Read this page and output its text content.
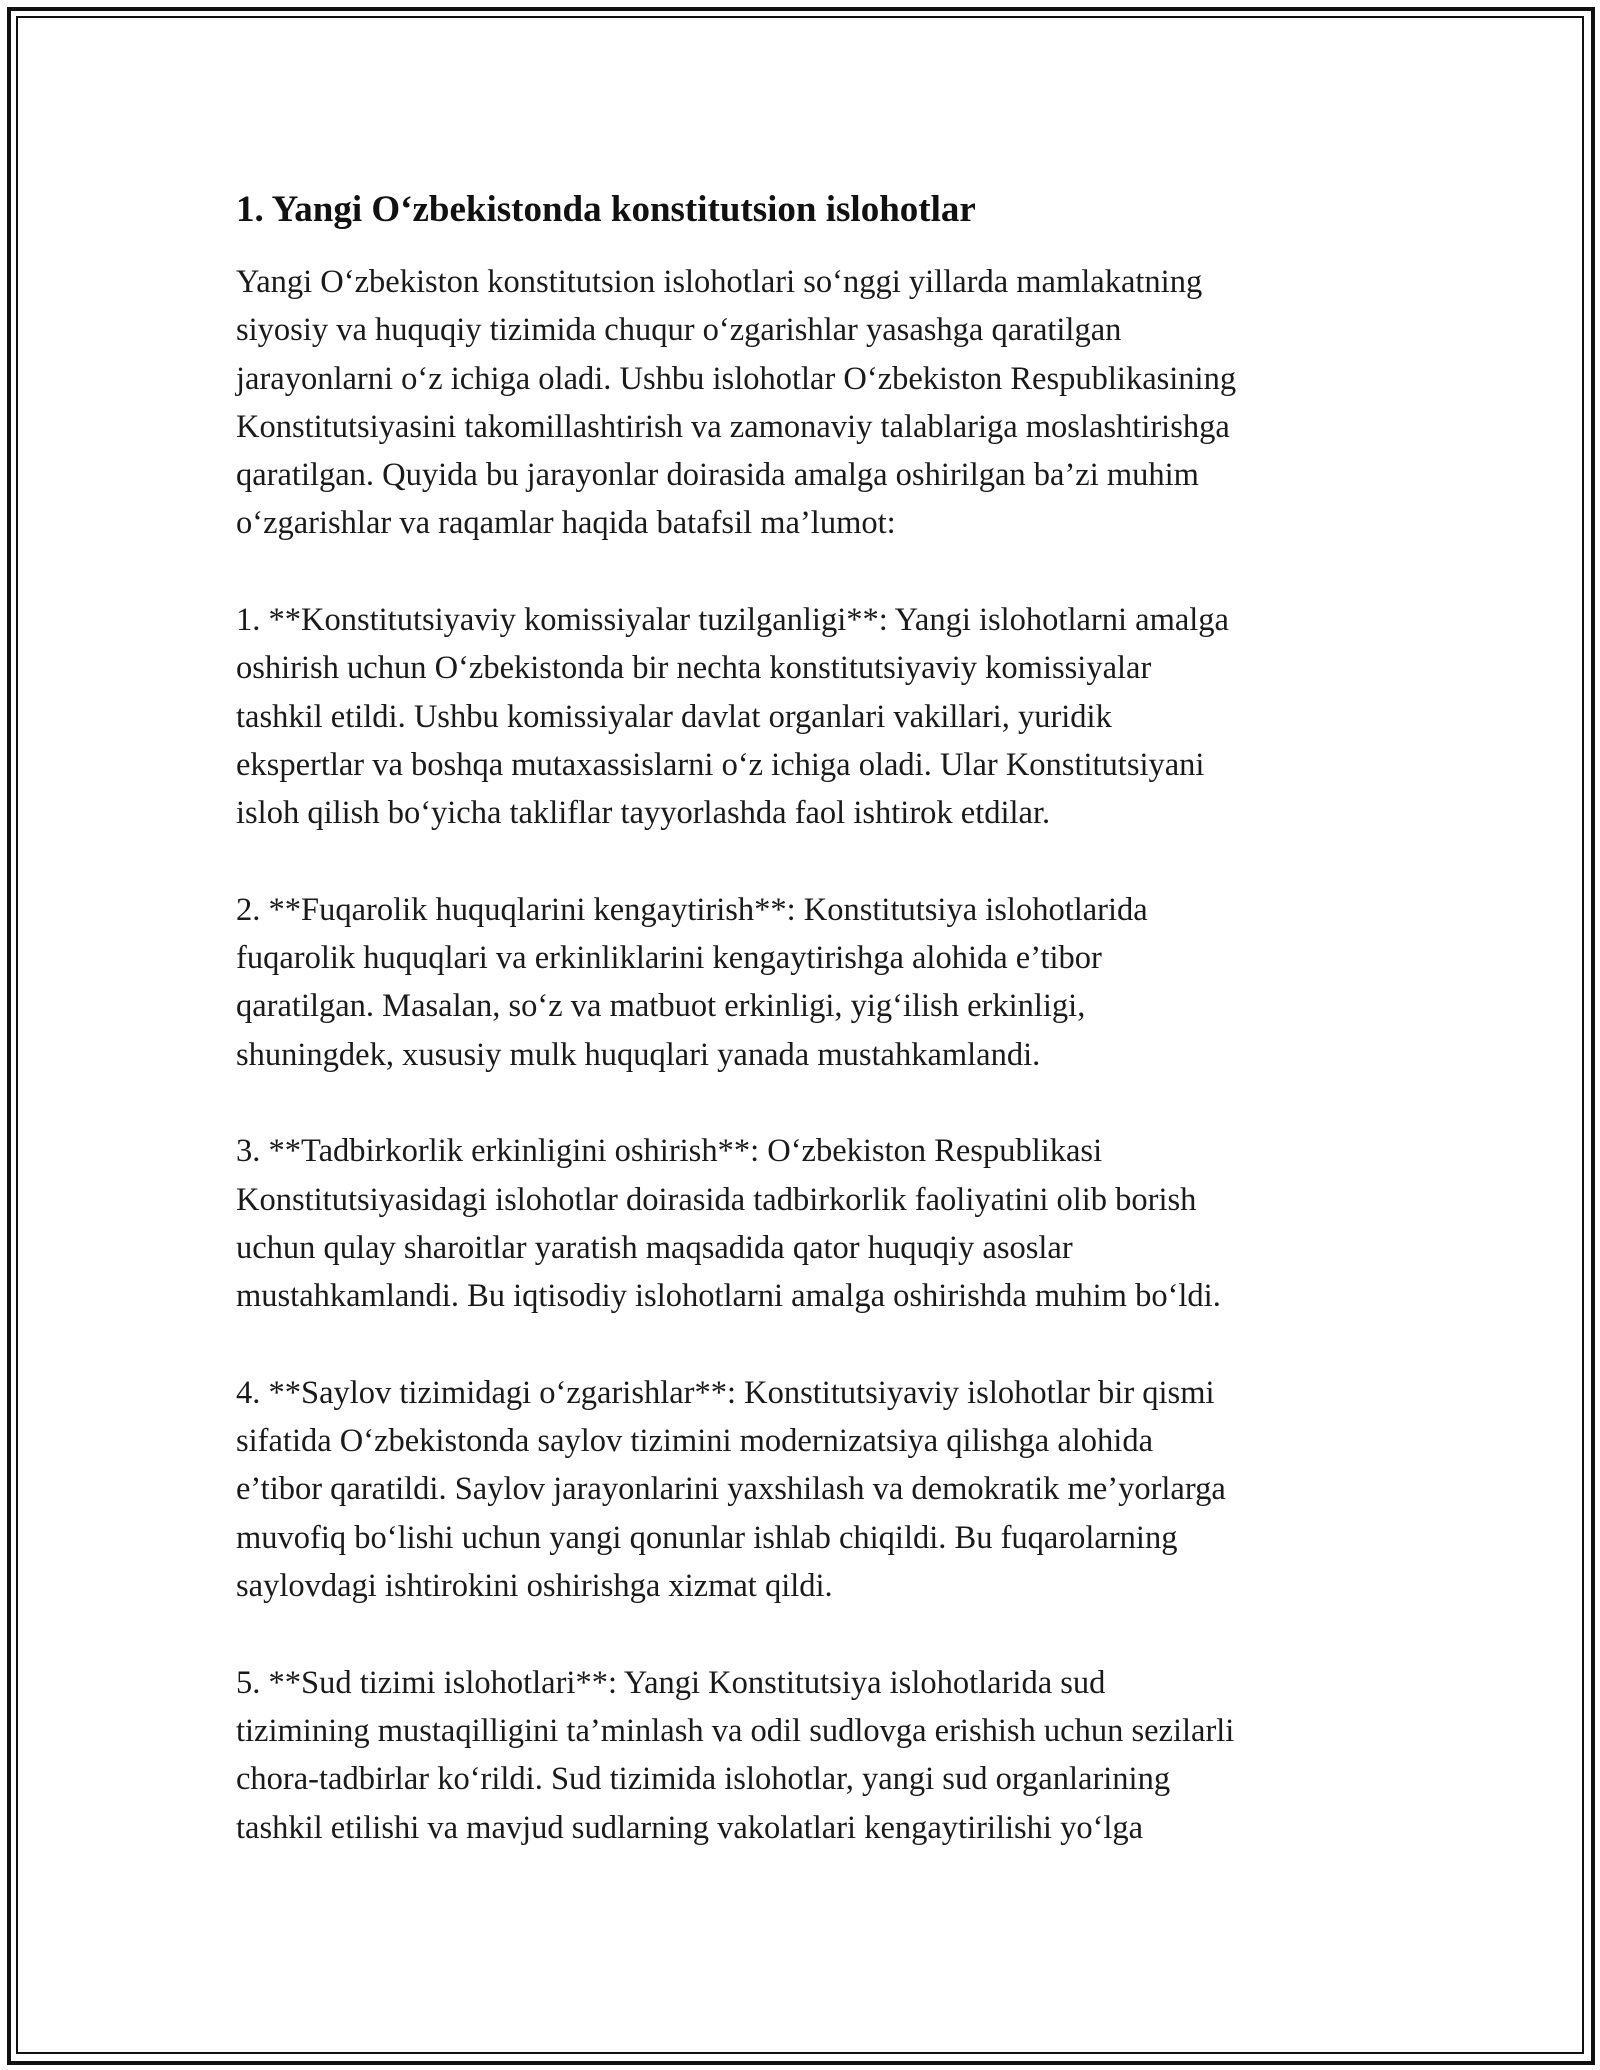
1. Yangi O‘zbekistonda konstitutsion islohotlar

Yangi O‘zbekiston konstitutsion islohotlari so‘nggi yillarda mamlakatning
siyosiy va huquqiy tizimida chuqur o‘zgarishlar yasashga qaratilgan
jarayonlarni o‘z ichiga oladi. Ushbu islohotlar O‘zbekiston Respublikasining
Konstitutsiyasini takomillashtirish va zamonaviy talablariga moslashtirishga
qaratilgan. Quyida bu jarayonlar doirasida amalga oshirilgan ba’zi muhim
o‘zgarishlar va raqamlar haqida batafsil ma’lumot:

1. **Konstitutsiyaviy komissiyalar tuzilganligi**: Yangi islohotlarni amalga
oshirish uchun O‘zbekistonda bir nechta konstitutsiyaviy komissiyalar
tashkil etildi. Ushbu komissiyalar davlat organlari vakillari, yuridik
ekspertlar va boshqa mutaxassislarni o‘z ichiga oladi. Ular Konstitutsiyani
isloh qilish bo‘yicha takliflar tayyorlashda faol ishtirok etdilar.

2. **Fuqarolik huquqlarini kengaytirish**: Konstitutsiya islohotlarida
fuqarolik huquqlari va erkinliklarini kengaytirishga alohida e’tibor
qaratilgan. Masalan, so‘z va matbuot erkinligi, yig‘ilish erkinligi,
shuningdek, xususiy mulk huquqlari yanada mustahkamlandi.

3. **Tadbirkorlik erkinligini oshirish**: O‘zbekiston Respublikasi
Konstitutsiyasidagi islohotlar doirasida tadbirkorlik faoliyatini olib borish
uchun qulay sharoitlar yaratish maqsadida qator huquqiy asoslar
mustahkamlandi. Bu iqtisodiy islohotlarni amalga oshirishda muhim bo‘ldi.

4. **Saylov tizimidagi o‘zgarishlar**: Konstitutsiyaviy islohotlar bir qismi
sifatida O‘zbekistonda saylov tizimini modernizatsiya qilishga alohida
e’tibor qaratildi. Saylov jarayonlarini yaxshilash va demokratik me’yorlarga
muvofiq bo‘lishi uchun yangi qonunlar ishlab chiqildi. Bu fuqarolarning
saylovdagi ishtirokini oshirishga xizmat qildi.

5. **Sud tizimi islohotlari**: Yangi Konstitutsiya islohotlarida sud
tizimining mustaqilligini ta’minlash va odil sudlovga erishish uchun sezilarli
chora-tadbirlar ko‘rildi. Sud tizimida islohotlar, yangi sud organlarining
tashkil etilishi va mavjud sudlarning vakolatlari kengaytirilishi yo‘lga
